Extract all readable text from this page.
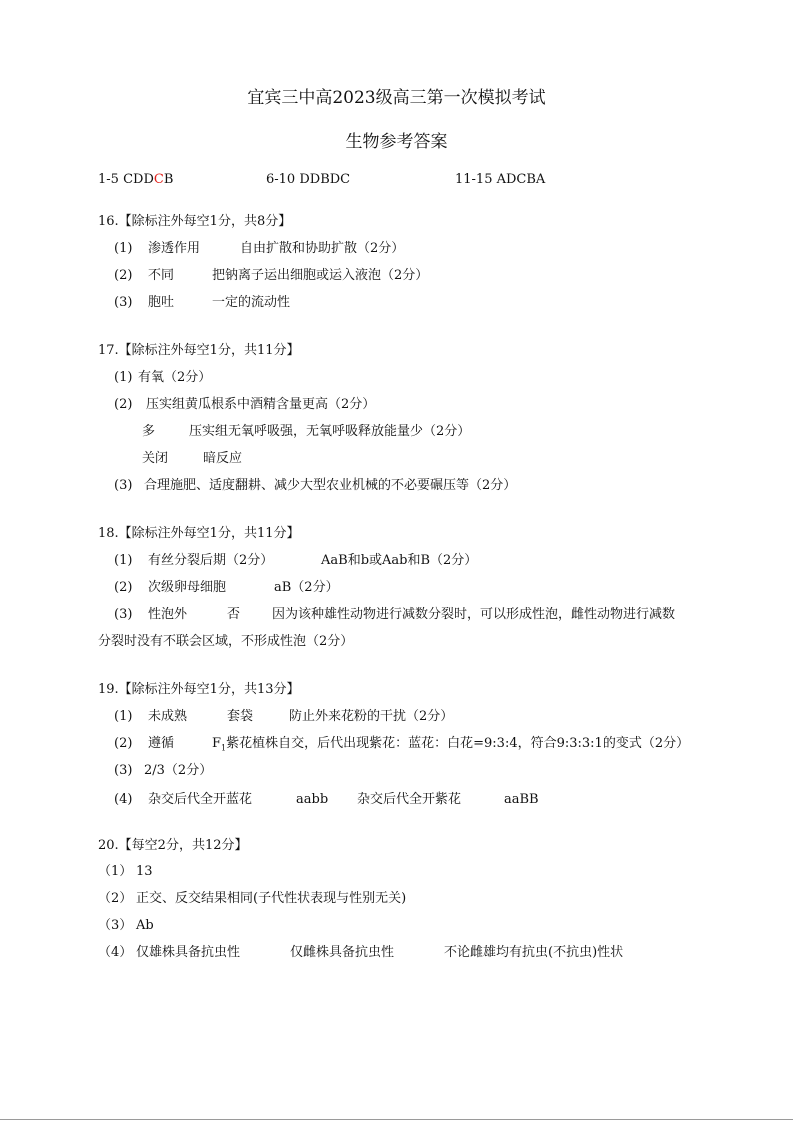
宜宾三中高2023级高三第一次模拟考试
生物参考答案
1-5 CDDCB	6-10 DDBDC	11-15 ADCBA
16.【除标注外每空1分，共8分】
(1) 渗透作用	自由扩散和协助扩散（2分）
(2) 不同	把钠离子运出细胞或运入液泡（2分）
(3) 胞吐	一定的流动性
17.【除标注外每空1分，共11分】
(1) 有氧（2分）
(2) 压实组黄瓜根系中酒精含量更高（2分）
多	压实组无氧呼吸强，无氧呼吸释放能量少（2分）
关闭	暗反应
(3) 合理施肥、适度翻耕、减少大型农业机械的不必要碾压等（2分）
18.【除标注外每空1分，共11分】
(1) 有丝分裂后期（2分）	AaB和b或Aab和B（2分）
(2) 次级卵母细胞	aB（2分）
(3) 性泡外	否 因为该种雄性动物进行减数分裂时，可以形成性泡，雌性动物进行减数
分裂时没有不联会区域，不形成性泡（2分）
19.【除标注外每空1分，共13分】
(1) 未成熟	套袋	防止外来花粉的干扰（2分）
(2) 遵循	$F_1$紫花植株自交，后代出现紫花：蓝花：白花=9:3:4，符合9:3:3:1的变式（2分）
(3) 2/3（2分）
(4) 杂交后代全开蓝花	aabb 杂交后代全开紫花	aaBB
20.【每空2分，共12分】
（1） 13
（2） 正交、反交结果相同(子代性状表现与性别无关)
（3） Ab
（4） 仅雄株具备抗虫性	仅雌株具备抗虫性	不论雌雄均有抗虫(不抗虫)性状
